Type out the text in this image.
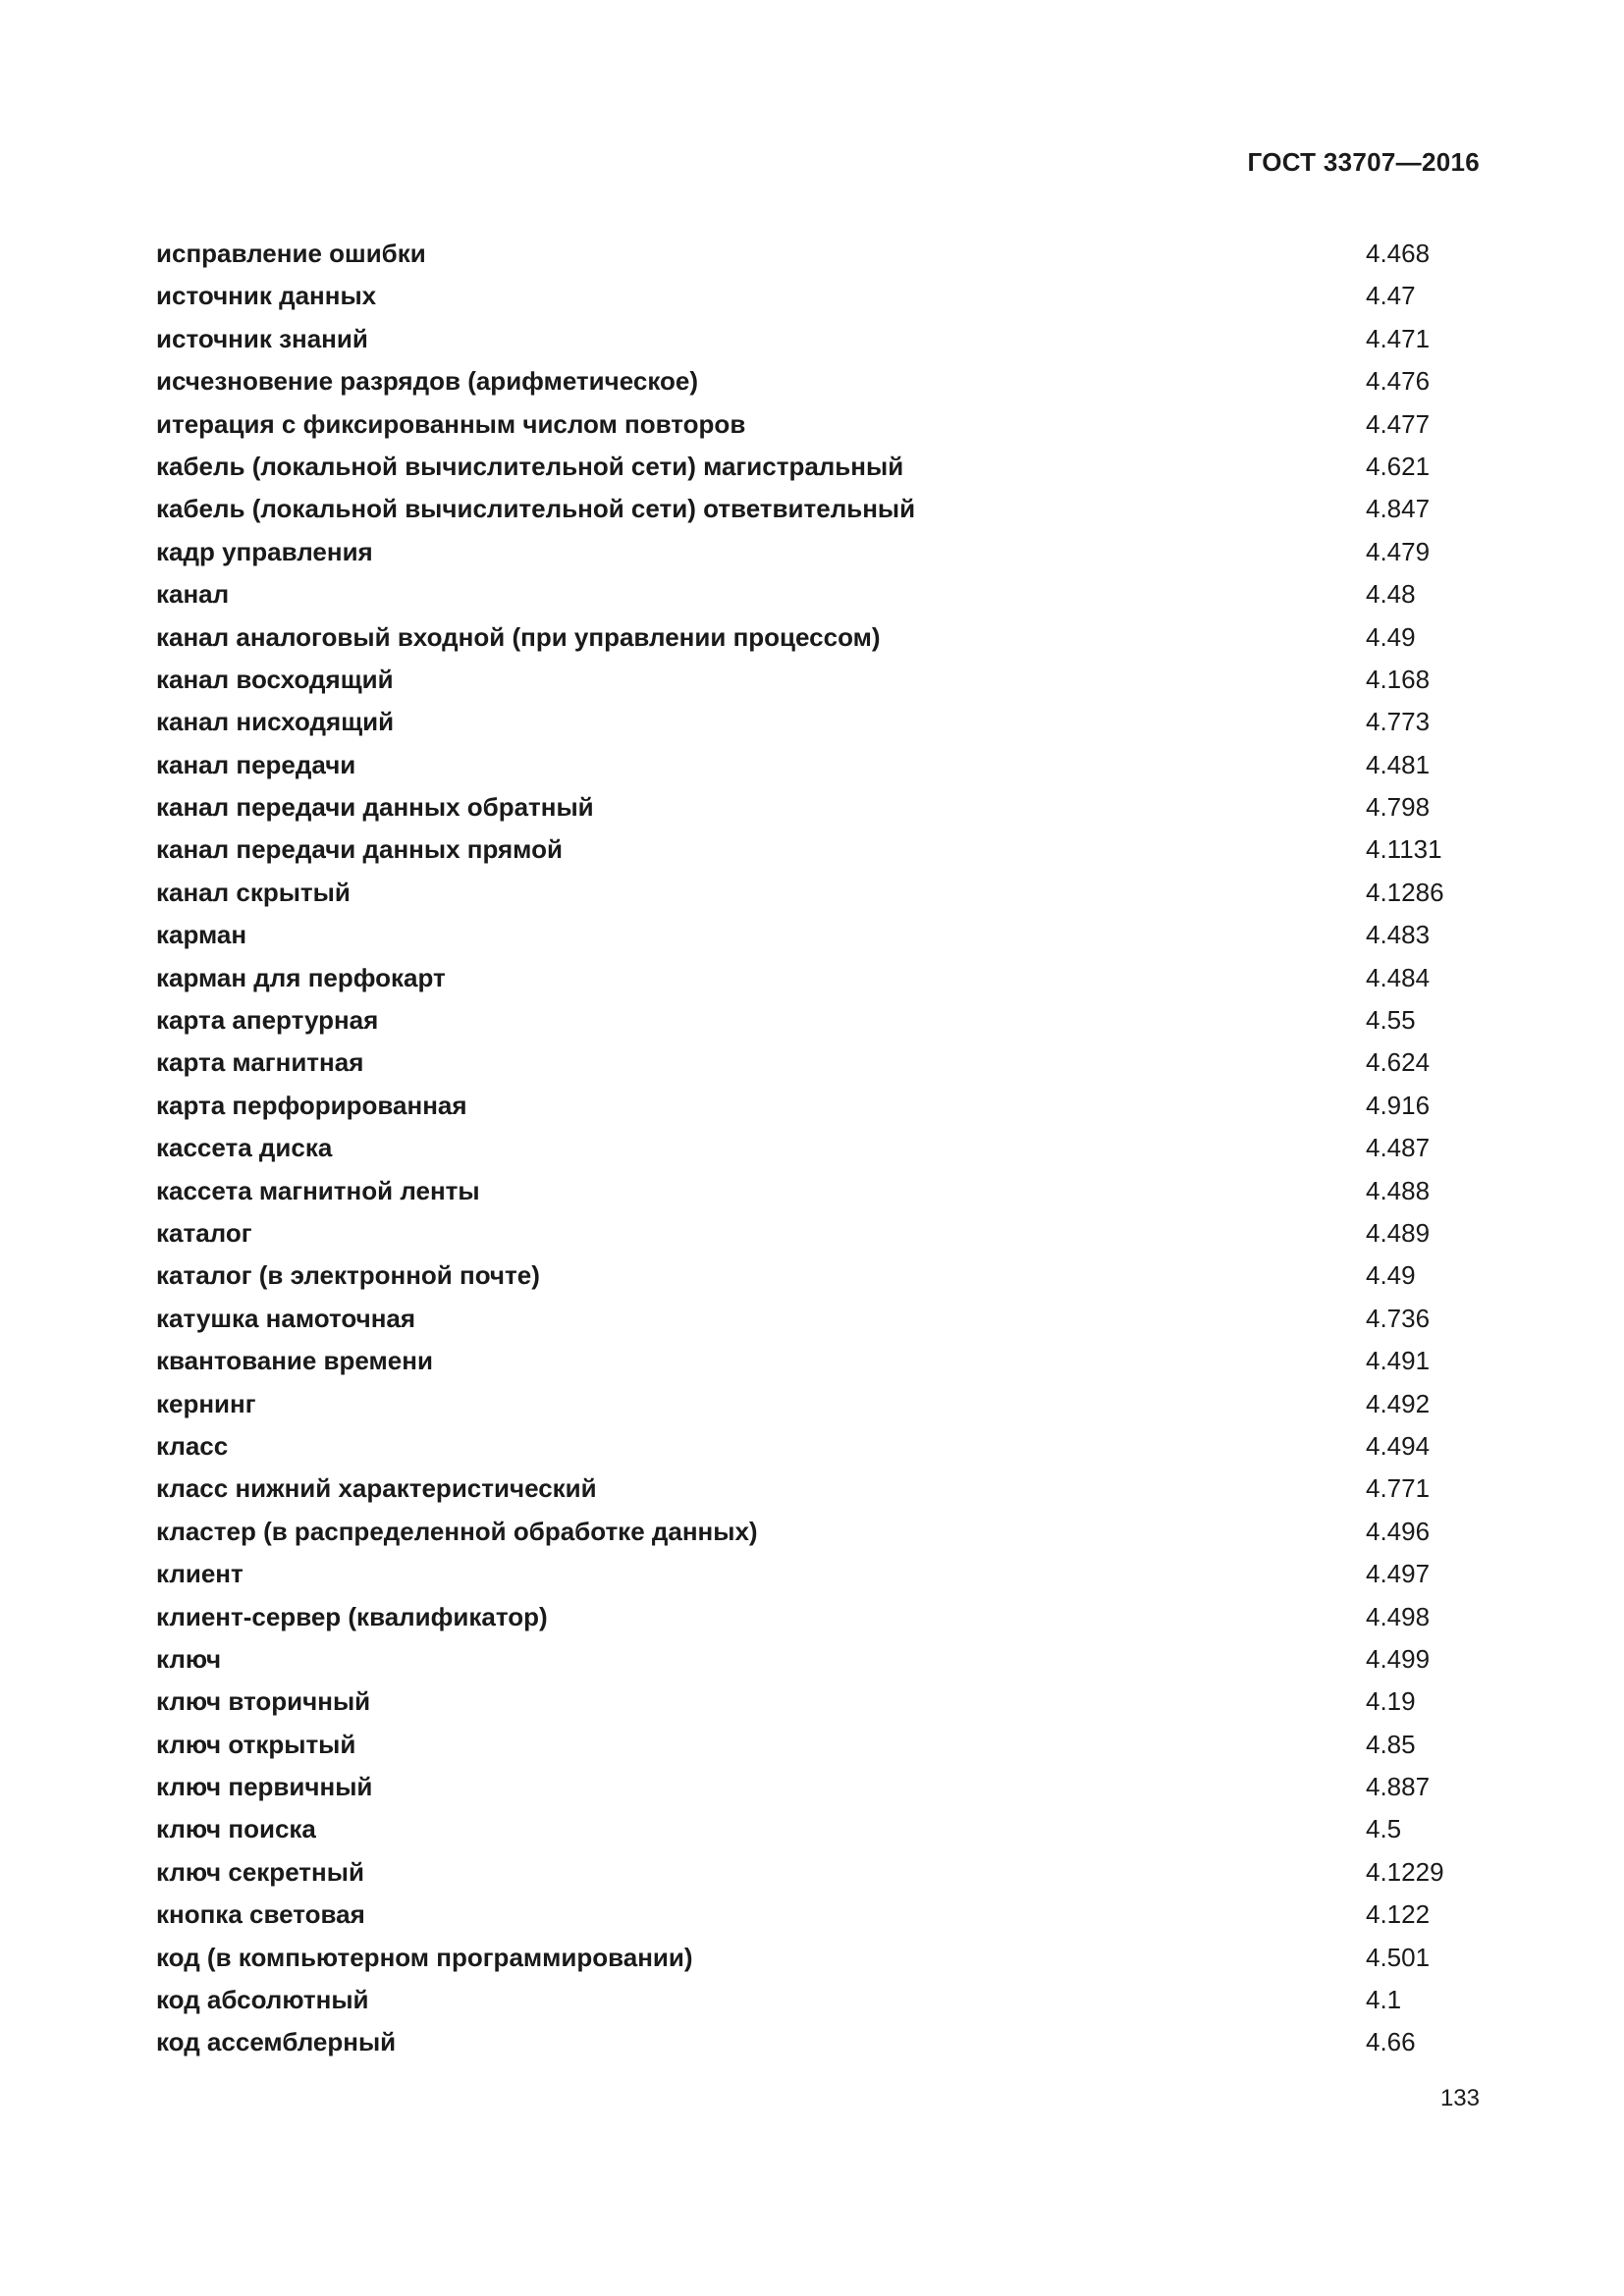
ГОСТ 33707—2016
исправление ошибки	4.468
источник данных	4.47
источник знаний	4.471
исчезновение разрядов (арифметическое)	4.476
итерация с фиксированным числом повторов	4.477
кабель (локальной вычислительной сети) магистральный	4.621
кабель (локальной вычислительной сети) ответвительный	4.847
кадр управления	4.479
канал	4.48
канал аналоговый входной (при управлении процессом)	4.49
канал восходящий	4.168
канал нисходящий	4.773
канал передачи	4.481
канал передачи данных обратный	4.798
канал передачи данных прямой	4.1131
канал скрытый	4.1286
карман	4.483
карман для перфокарт	4.484
карта апертурная	4.55
карта магнитная	4.624
карта перфорированная	4.916
кассета диска	4.487
кассета магнитной ленты	4.488
каталог	4.489
каталог (в электронной почте)	4.49
катушка намоточная	4.736
квантование времени	4.491
кернинг	4.492
класс	4.494
класс нижний характеристический	4.771
кластер (в распределенной обработке данных)	4.496
клиент	4.497
клиент-сервер (квалификатор)	4.498
ключ	4.499
ключ вторичный	4.19
ключ открытый	4.85
ключ первичный	4.887
ключ поиска	4.5
ключ секретный	4.1229
кнопка световая	4.122
код (в компьютерном программировании)	4.501
код абсолютный	4.1
код ассемблерный	4.66
133
